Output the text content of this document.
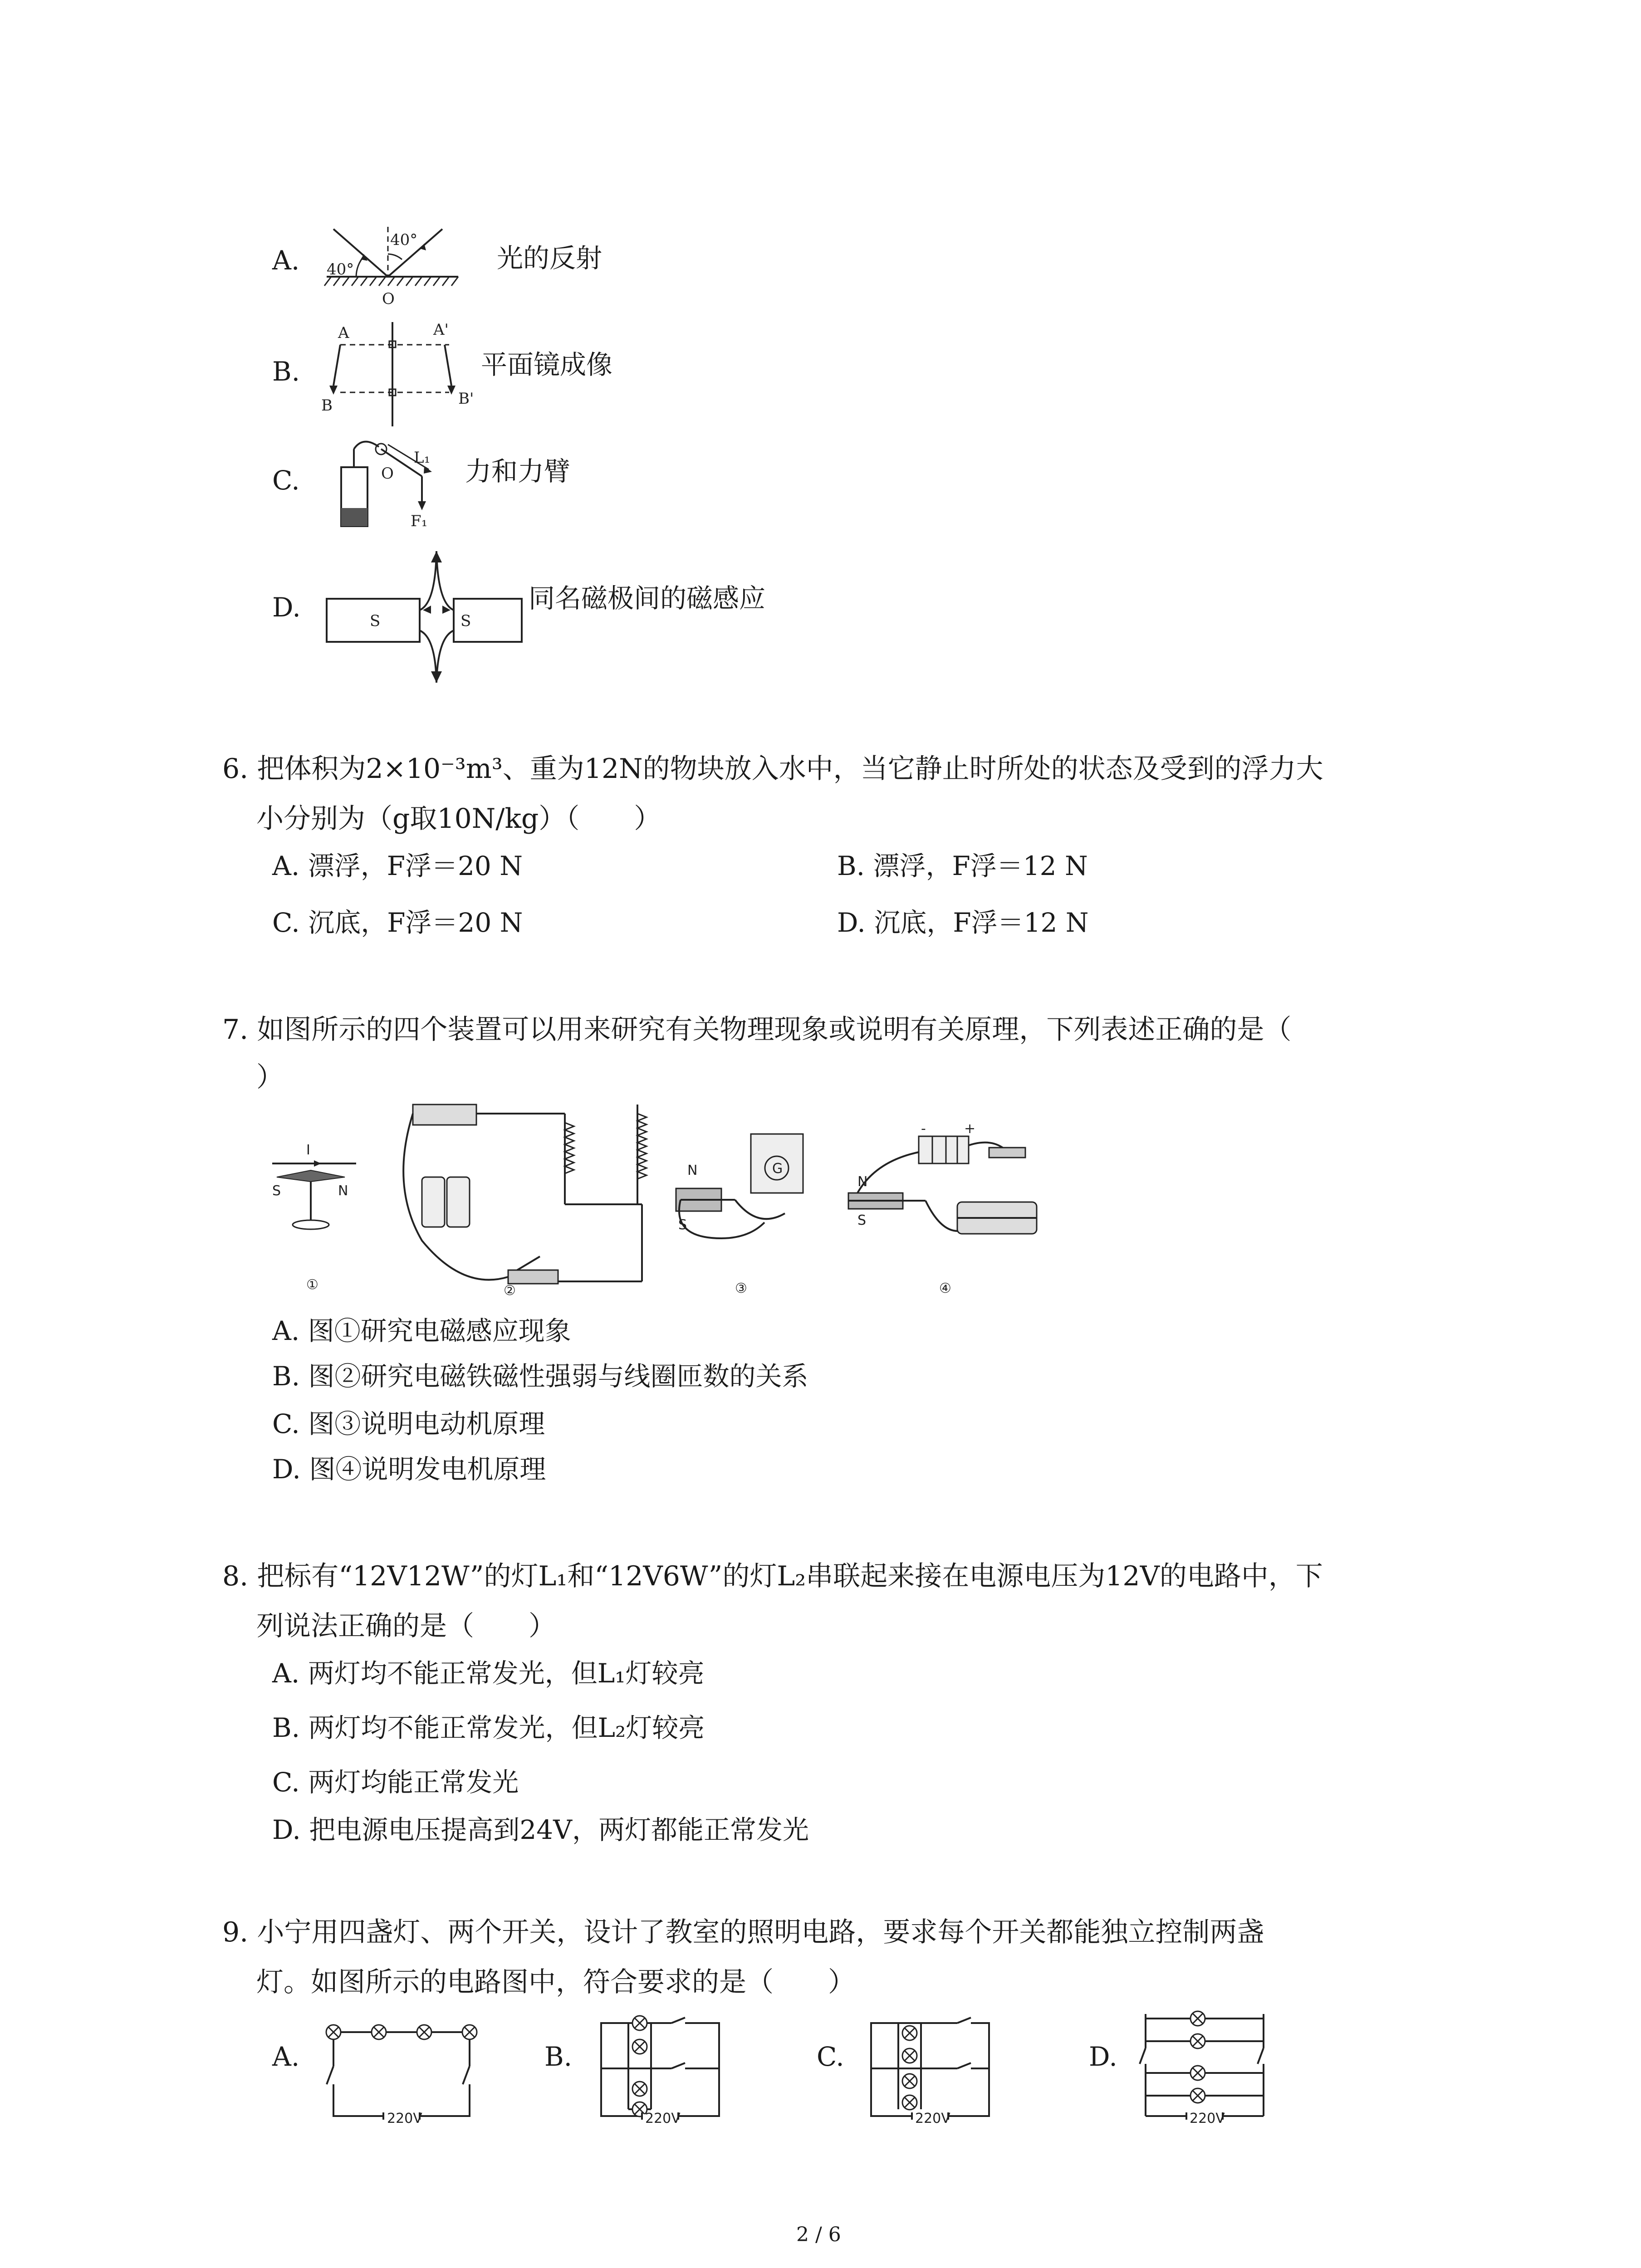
A. 40°
40°
O
光的反射
B.
A
B
A'
B'
平面镜成像
C.	O
L₁
F₁
力和力臂
D.	S	S
同名磁极间的磁感应
6. 把体积为2×10⁻³m³、重为12N的物块放入水中，当它静止时所处的状态及受到的浮力大
小分别为（g取10N/kg）（　　）
A. 漂浮，F浮＝20 N	B. 漂浮，F浮＝12 N
C. 沉底，F浮＝20 N	D. 沉底，F浮＝12 N
7. 如图所示的四个装置可以用来研究有关物理现象或说明有关原理，下列表述正确的是（
）
I
S	N
①	②
G
N
S
③
-	+
N
S
④
A. 图①研究电磁感应现象
B. 图②研究电磁铁磁性强弱与线圈匝数的关系
C. 图③说明电动机原理
D. 图④说明发电机原理
8. 把标有“12V12W”的灯L₁和“12V6W”的灯L₂串联起来接在电源电压为12V的电路中，下
列说法正确的是（　　）
A. 两灯均不能正常发光，但L₁灯较亮
B. 两灯均不能正常发光，但L₂灯较亮
C. 两灯均能正常发光
D. 把电源电压提高到24V，两灯都能正常发光
9. 小宁用四盏灯、两个开关，设计了教室的照明电路，要求每个开关都能独立控制两盏
灯。如图所示的电路图中，符合要求的是（　　）
A.
220V
B.
220V
C.
220V
D.
220V
2 / 6
